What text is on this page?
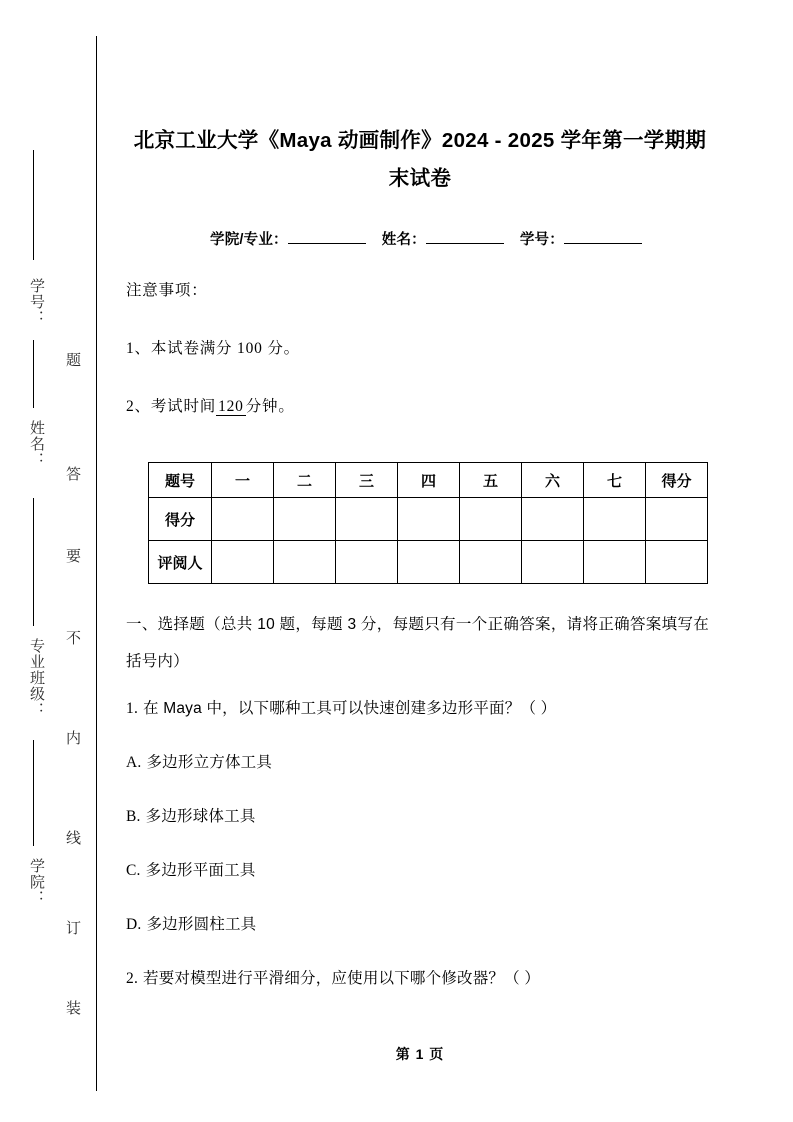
学号：
姓名：
专业班级：
学院：
题
答
要
不
内
线
订
装
北京工业大学《Maya 动画制作》2024 - 2025 学年第一学期期末试卷
学院/专业：	姓名：	学号：
注意事项：
1、本试卷满分 100 分。
2、考试时间 120 分钟。
题号	一	二	三	四	五	六	七	得分
得分								
评阅人								
一、选择题（总共 10 题，每题 3 分，每题只有一个正确答案，请将正确答案填写在括号内）
1. 在 Maya 中，以下哪种工具可以快速创建多边形平面？（ ）
A. 多边形立方体工具
B. 多边形球体工具
C. 多边形平面工具
D. 多边形圆柱工具
2. 若要对模型进行平滑细分，应使用以下哪个修改器？（ ）
第 1 页
